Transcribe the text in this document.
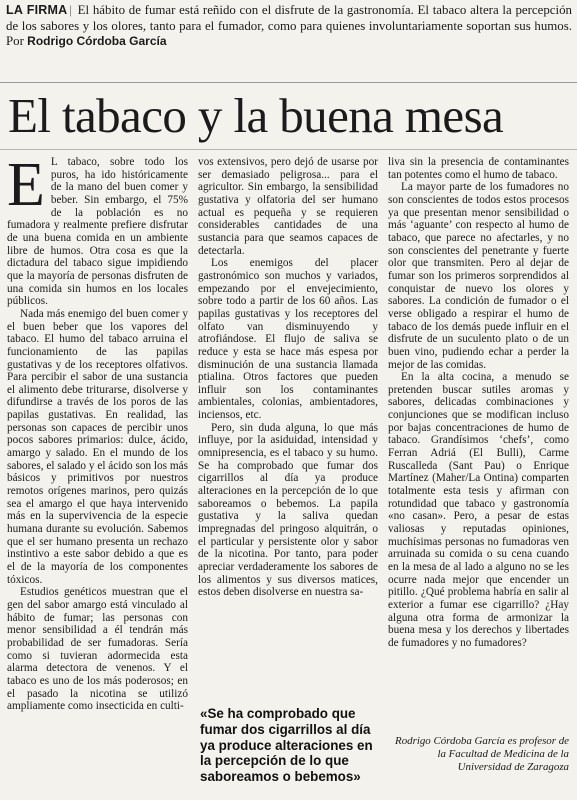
LA FIRMA | El hábito de fumar está reñido con el disfrute de la gastronomía. El tabaco altera la percepción de los sabores y los olores, tanto para el fumador, como para quienes involuntariamente soportan sus humos. Por Rodrigo Córdoba García
El tabaco y la buena mesa

E L tabaco, sobre todo los puros, ha ido históricamente de la mano del buen comer y beber. Sin embargo, el 75% de la población es no fumadora y realmente prefiere disfrutar de una buena comida en un ambiente libre de humos. Otra cosa es que la dictadura del tabaco sigue impidiendo que la mayoría de personas disfruten de una comida sin humos en los locales públicos.

Nada más enemigo del buen comer y el buen beber que los vapores del tabaco. El humo del tabaco arruina el funcionamiento de las papilas gustativas y de los receptores olfativos. Para percibir el sabor de una sustancia el alimento debe triturarse, disolverse y difundirse a través de los poros de las papilas gustativas. En realidad, las personas son capaces de percibir unos pocos sabores primarios: dulce, ácido, amargo y salado. En el mundo de los sabores, el salado y el ácido son los más básicos y primitivos por nuestros remotos orígenes marinos, pero quizás sea el amargo el que haya intervenido más en la supervivencia de la especie humana durante su evolución. Sabemos que el ser humano presenta un rechazo instintivo a este sabor debido a que es el de la mayoría de los componentes tóxicos.

Estudios genéticos muestran que el gen del sabor amargo está vinculado al hábito de fumar; las personas con menor sensibilidad a él tendrán más probabilidad de ser fumadoras. Sería como si tuvieran adormecida esta alarma detectora de venenos. Y el tabaco es uno de los más poderosos; en el pasado la nicotina se utilizó ampliamente como insecticida en culti-

vos extensivos, pero dejó de usarse por ser demasiado peligrosa... para el agricultor. Sin embargo, la sensibilidad gustativa y olfatoria del ser humano actual es pequeña y se requieren considerables cantidades de una sustancia para que seamos capaces de detectarla.

Los enemigos del placer gastronómico son muchos y variados, empezando por el envejecimiento, sobre todo a partir de los 60 años. Las papilas gustativas y los receptores del olfato van disminuyendo y atrofiándose. El flujo de saliva se reduce y esta se hace más espesa por disminución de una sustancia llamada ptialina. Otros factores que pueden influir son los contaminantes ambientales, colonias, ambientadores, inciensos, etc.

Pero, sin duda alguna, lo que más influye, por la asiduidad, intensidad y omnipresencia, es el tabaco y su humo. Se ha comprobado que fumar dos cigarrillos al día ya produce alteraciones en la percepción de lo que saboreamos o bebemos. La papila gustativa y la saliva quedan impregnadas del pringoso alquitrán, o el particular y persistente olor y sabor de la nicotina. Por tanto, para poder apreciar verdaderamente los sabores de los alimentos y sus diversos matices, estos deben disolverse en nuestra sa-

liva sin la presencia de contaminantes tan potentes como el humo de tabaco.

La mayor parte de los fumadores no son conscientes de todos estos procesos ya que presentan menor sensibilidad o más ‘aguante’ con respecto al humo de tabaco, que parece no afectarles, y no son conscientes del penetrante y fuerte olor que transmiten. Pero al dejar de fumar son los primeros sorprendidos al conquistar de nuevo los olores y sabores. La condición de fumador o el verse obligado a respirar el humo de tabaco de los demás puede influir en el disfrute de un suculento plato o de un buen vino, pudiendo echar a perder la mejor de las comidas.

En la alta cocina, a menudo se pretenden buscar sutiles aromas y sabores, delicadas combinaciones y conjunciones que se modifican incluso por bajas concentraciones de humo de tabaco. Grandísimos ‘chefs’, como Ferran Adriá (El Bulli), Carme Ruscalleda (Sant Pau) o Enrique Martínez (Maher/La Ontina) comparten totalmente esta tesis y afirman con rotundidad que tabaco y gastronomía «no casan». Pero, a pesar de estas valiosas y reputadas opiniones, muchísimas personas no fumadoras ven arruinada su comida o su cena cuando en la mesa de al lado a alguno no se les ocurre nada mejor que encender un pitillo. ¿Qué problema habría en salir al exterior a fumar ese cigarrillo? ¿Hay alguna otra forma de armonizar la buena mesa y los derechos y libertades de fumadores y no fumadores?

«Se ha comprobado que fumar dos cigarrillos al día ya produce alteraciones en la percepción de lo que saboreamos o bebemos»
Rodrigo Córdoba García es profesor de la Facultad de Medicina de la Universidad de Zaragoza
